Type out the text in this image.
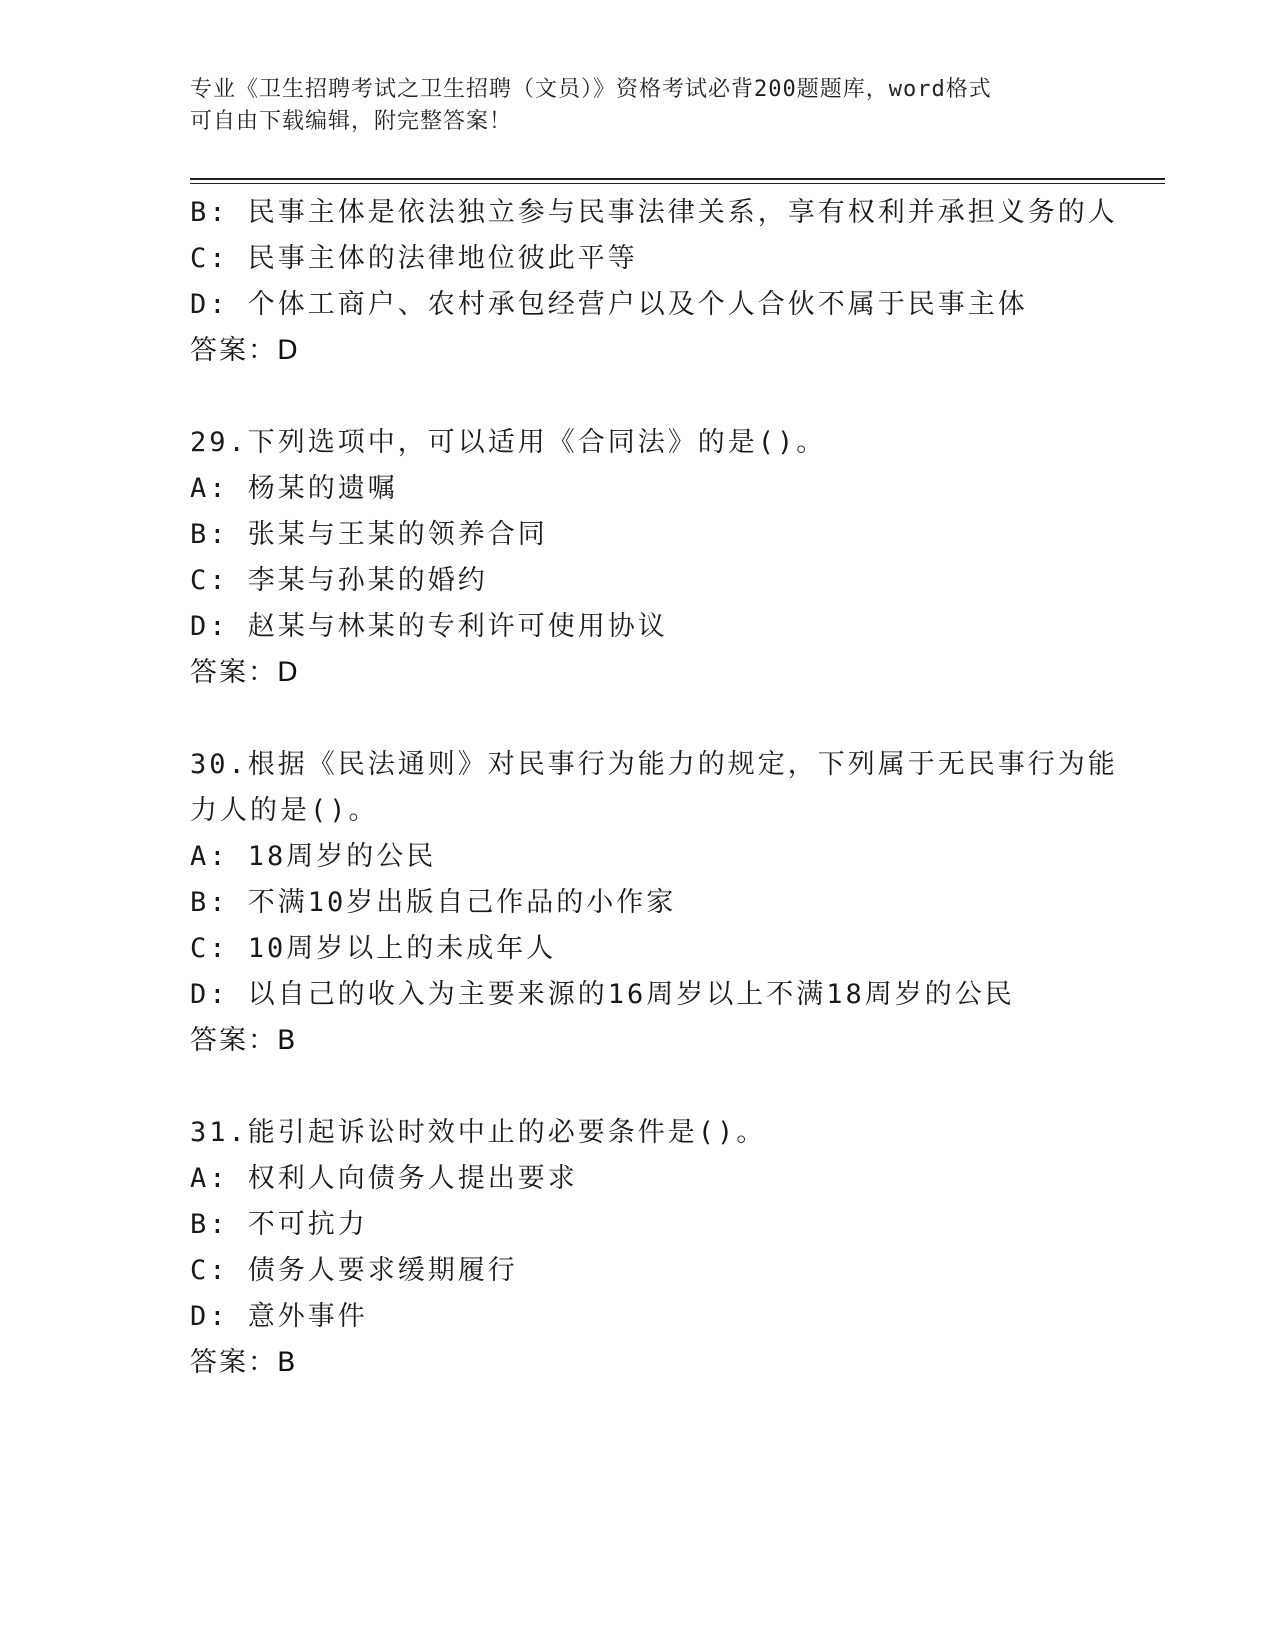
专业《卫生招聘考试之卫生招聘（文员）》资格考试必背200题题库，word格式
可自由下载编辑，附完整答案！
B: 民事主体是依法独立参与民事法律关系，享有权利并承担义务的人
C: 民事主体的法律地位彼此平等
D: 个体工商户、农村承包经营户以及个人合伙不属于民事主体
答案：D
29.下列选项中，可以适用《合同法》的是()。
A: 杨某的遗嘱
B: 张某与王某的领养合同
C: 李某与孙某的婚约
D: 赵某与林某的专利许可使用协议
答案：D
30.根据《民法通则》对民事行为能力的规定，下列属于无民事行为能
力人的是()。
A: 18周岁的公民
B: 不满10岁出版自己作品的小作家
C: 10周岁以上的未成年人
D: 以自己的收入为主要来源的16周岁以上不满18周岁的公民
答案：B
31.能引起诉讼时效中止的必要条件是()。
A: 权利人向债务人提出要求
B: 不可抗力
C: 债务人要求缓期履行
D: 意外事件
答案：B
